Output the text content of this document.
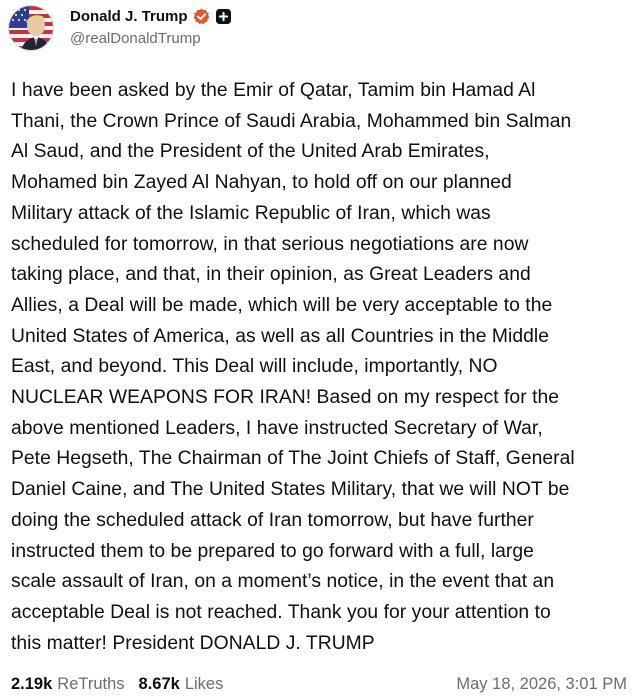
Donald J. Trump
@realDonaldTrump
I have been asked by the Emir of Qatar, Tamim bin Hamad Al
Thani, the Crown Prince of Saudi Arabia, Mohammed bin Salman
Al Saud, and the President of the United Arab Emirates,
Mohamed bin Zayed Al Nahyan, to hold off on our planned
Military attack of the Islamic Republic of Iran, which was
scheduled for tomorrow, in that serious negotiations are now
taking place, and that, in their opinion, as Great Leaders and
Allies, a Deal will be made, which will be very acceptable to the
United States of America, as well as all Countries in the Middle
East, and beyond. This Deal will include, importantly, NO
NUCLEAR WEAPONS FOR IRAN! Based on my respect for the
above mentioned Leaders, I have instructed Secretary of War,
Pete Hegseth, The Chairman of The Joint Chiefs of Staff, General
Daniel Caine, and The United States Military, that we will NOT be
doing the scheduled attack of Iran tomorrow, but have further
instructed them to be prepared to go forward with a full, large
scale assault of Iran, on a moment’s notice, in the event that an
acceptable Deal is not reached. Thank you for your attention to
this matter! President DONALD J. TRUMP
2.19k ReTruths 8.67k Likes	May 18, 2026, 3:01 PM
